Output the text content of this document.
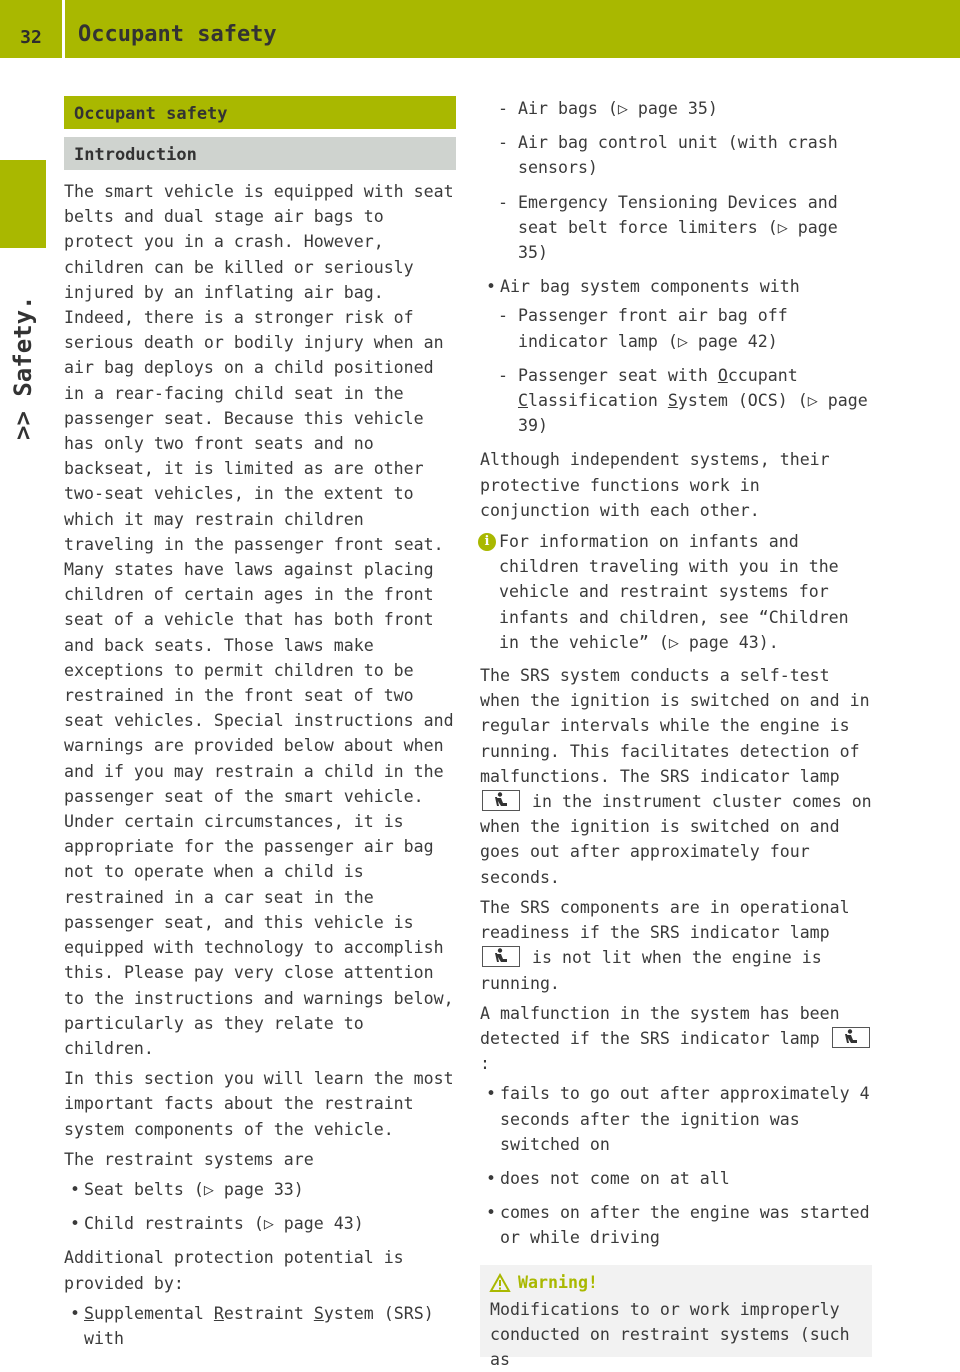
32	Occupant safety
>> Safety.
Occupant safety
Introduction

The smart vehicle is equipped with seat belts and dual stage air bags to protect you in a crash. However, children can be killed or seriously injured by an inflating air bag. Indeed, there is a stronger risk of serious death or bodily injury when an air bag deploys on a child positioned in a rear-facing child seat in the passenger seat. Because this vehicle has only two front seats and no backseat, it is limited as are other two-seat vehicles, in the extent to which it may restrain children traveling in the passenger front seat. Many states have laws against placing children of certain ages in the front seat of a vehicle that has both front and back seats. Those laws make exceptions to permit children to be restrained in the front seat of two seat vehicles. Special instructions and warnings are provided below about when and if you may restrain a child in the passenger seat of the smart vehicle. Under certain circumstances, it is appropriate for the passenger air bag not to operate when a child is restrained in a car seat in the passenger seat, and this vehicle is equipped with technology to accomplish this. Please pay very close attention to the instructions and warnings below, particularly as they relate to children.

In this section you will learn the most important facts about the restraint system components of the vehicle.

The restraint systems are

• Seat belts (▷ page 33)
• Child restraints (▷ page 43)

Additional protection potential is provided by:

• Supplemental Restraint System (SRS) with
- Air bags (▷ page 35)
- Air bag control unit (with crash sensors)
- Emergency Tensioning Devices and seat belt force limiters (▷ page 35)
• Air bag system components with
- Passenger front air bag off indicator lamp (▷ page 42)
- Passenger seat with Occupant Classification System (OCS) (▷ page 39)

Although independent systems, their protective functions work in conjunction with each other.

i For information on infants and children traveling with you in the vehicle and restraint systems for infants and children, see “Children in the vehicle” (▷ page 43).

The SRS system conducts a self-test when the ignition is switched on and in regular intervals while the engine is running. This facilitates detection of malfunctions. The SRS indicator lamp
in the instrument cluster comes on when the ignition is switched on and goes out after approximately four seconds.

The SRS components are in operational readiness if the SRS indicator lamp
is not lit when the engine is running.

A malfunction in the system has been detected if the SRS indicator lamp
:

• fails to go out after approximately 4 seconds after the ignition was switched on
• does not come on at all
• comes on after the engine was started or while driving
Warning!
Modifications to or work improperly conducted on restraint systems (such as
